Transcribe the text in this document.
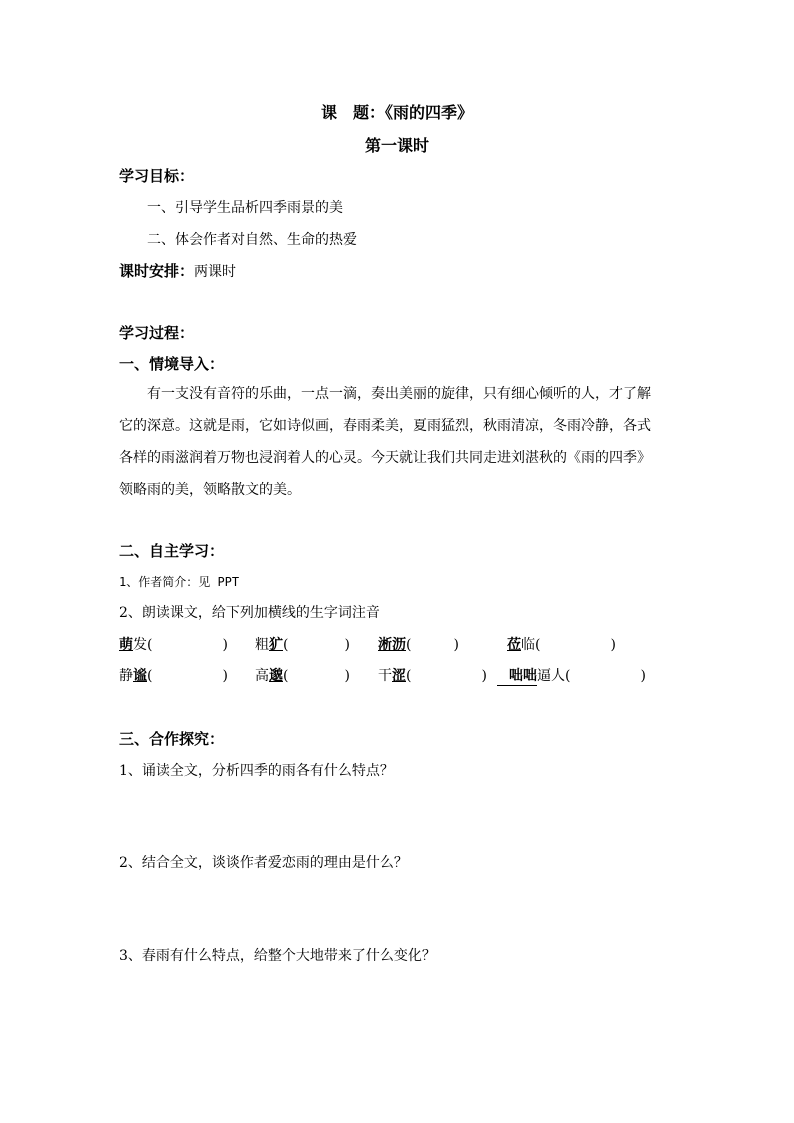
课　题：《雨的四季》
第一课时
学习目标：
一、引导学生品析四季雨景的美
二、体会作者对自然、生命的热爱
课时安排：两课时
学习过程：
一、情境导入：
有一支没有音符的乐曲，一点一滴，奏出美丽的旋律，只有细心倾听的人，才了解它的深意。这就是雨，它如诗似画，春雨柔美，夏雨猛烈，秋雨清凉，冬雨冷静，各式各样的雨滋润着万物也浸润着人的心灵。今天就让我们共同走进刘湛秋的《雨的四季》领略雨的美，领略散文的美。
二、自主学习：
1、作者简介：见 PPT
2、朗读课文，给下列加横线的生字词注音
萌发(　　　　　) 粗犷(　　　　) 淅沥(　　　)	莅临(　　　　　)
静谧(　　　　　) 高邈(　　　　) 干涩(　　　　　)	咄咄逼人(　　　　　)
三、合作探究：
1、诵读全文，分析四季的雨各有什么特点？
2、结合全文，谈谈作者爱恋雨的理由是什么？
3、春雨有什么特点，给整个大地带来了什么变化？
